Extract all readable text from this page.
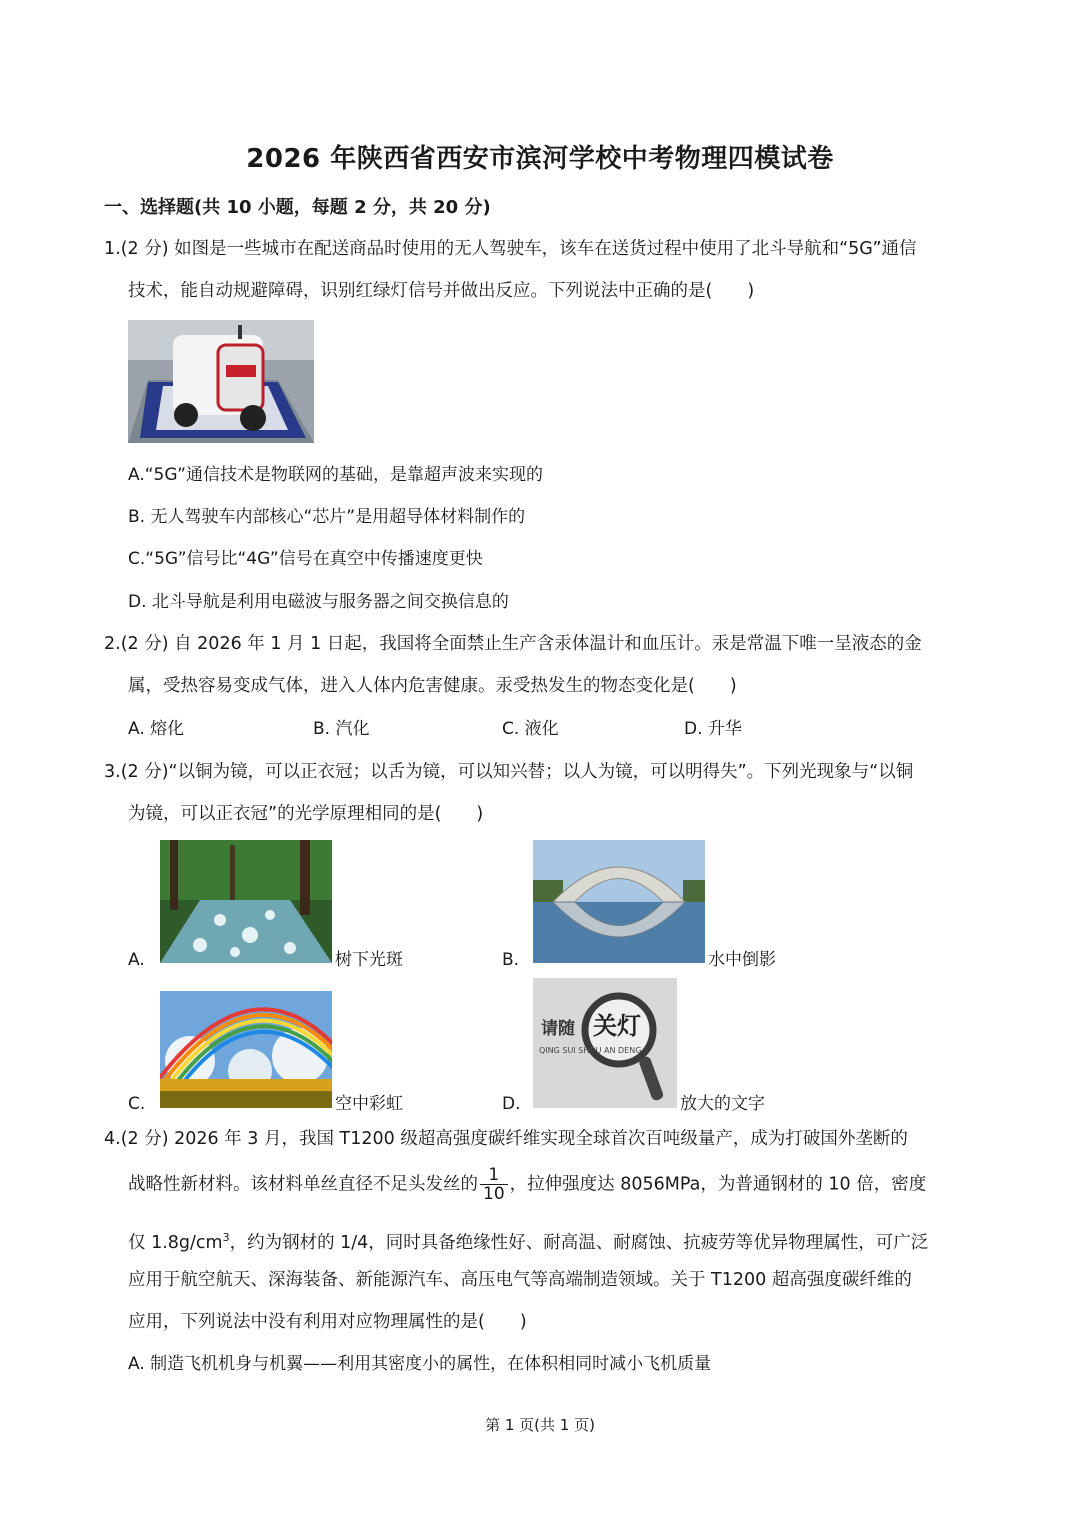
2026 年陕西省西安市滨河学校中考物理四模试卷
一、选择题(共 10 小题，每题 2 分，共 20 分)
1.(2 分) 如图是一些城市在配送商品时使用的无人驾驶车，该车在送货过程中使用了北斗导航和“5G”通信
技术，能自动规避障碍，识别红绿灯信号并做出反应。下列说法中正确的是(　　)
A.“5G”通信技术是物联网的基础，是靠超声波来实现的
B. 无人驾驶车内部核心“芯片”是用超导体材料制作的
C.“5G”信号比“4G”信号在真空中传播速度更快
D. 北斗导航是利用电磁波与服务器之间交换信息的
2.(2 分) 自 2026 年 1 月 1 日起，我国将全面禁止生产含汞体温计和血压计。汞是常温下唯一呈液态的金
属，受热容易变成气体，进入人体内危害健康。汞受热发生的物态变化是(　　)
A. 熔化	B. 汽化	C. 液化	D. 升华
3.(2 分)“以铜为镜，可以正衣冠；以舌为镜，可以知兴替；以人为镜，可以明得失”。下列光现象与“以铜
为镜，可以正衣冠”的光学原理相同的是(　　)
A.	树下光斑	B.	水中倒影
C.	空中彩虹
请随 关灯
QING SUI SHOU AN DENG
D.	放大的文字
4.(2 分) 2026 年 3 月，我国 T1200 级超高强度碳纤维实现全球首次百吨级量产，成为打破国外垄断的
战略性新材料。该材料单丝直径不足头发丝的 $\frac{1}{10}$ ，拉伸强度达 8056MPa，为普通钢材的 10 倍，密度
仅 $1.8g/cm^3$，约为钢材的 1/4，同时具备绝缘性好、耐高温、耐腐蚀、抗疲劳等优异物理属性，可广泛
应用于航空航天、深海装备、新能源汽车、高压电气等高端制造领域。关于 T1200 超高强度碳纤维的
应用，下列说法中没有利用对应物理属性的是(　　)
A. 制造飞机机身与机翼——利用其密度小的属性，在体积相同时减小飞机质量
第 1 页(共 1 页)
